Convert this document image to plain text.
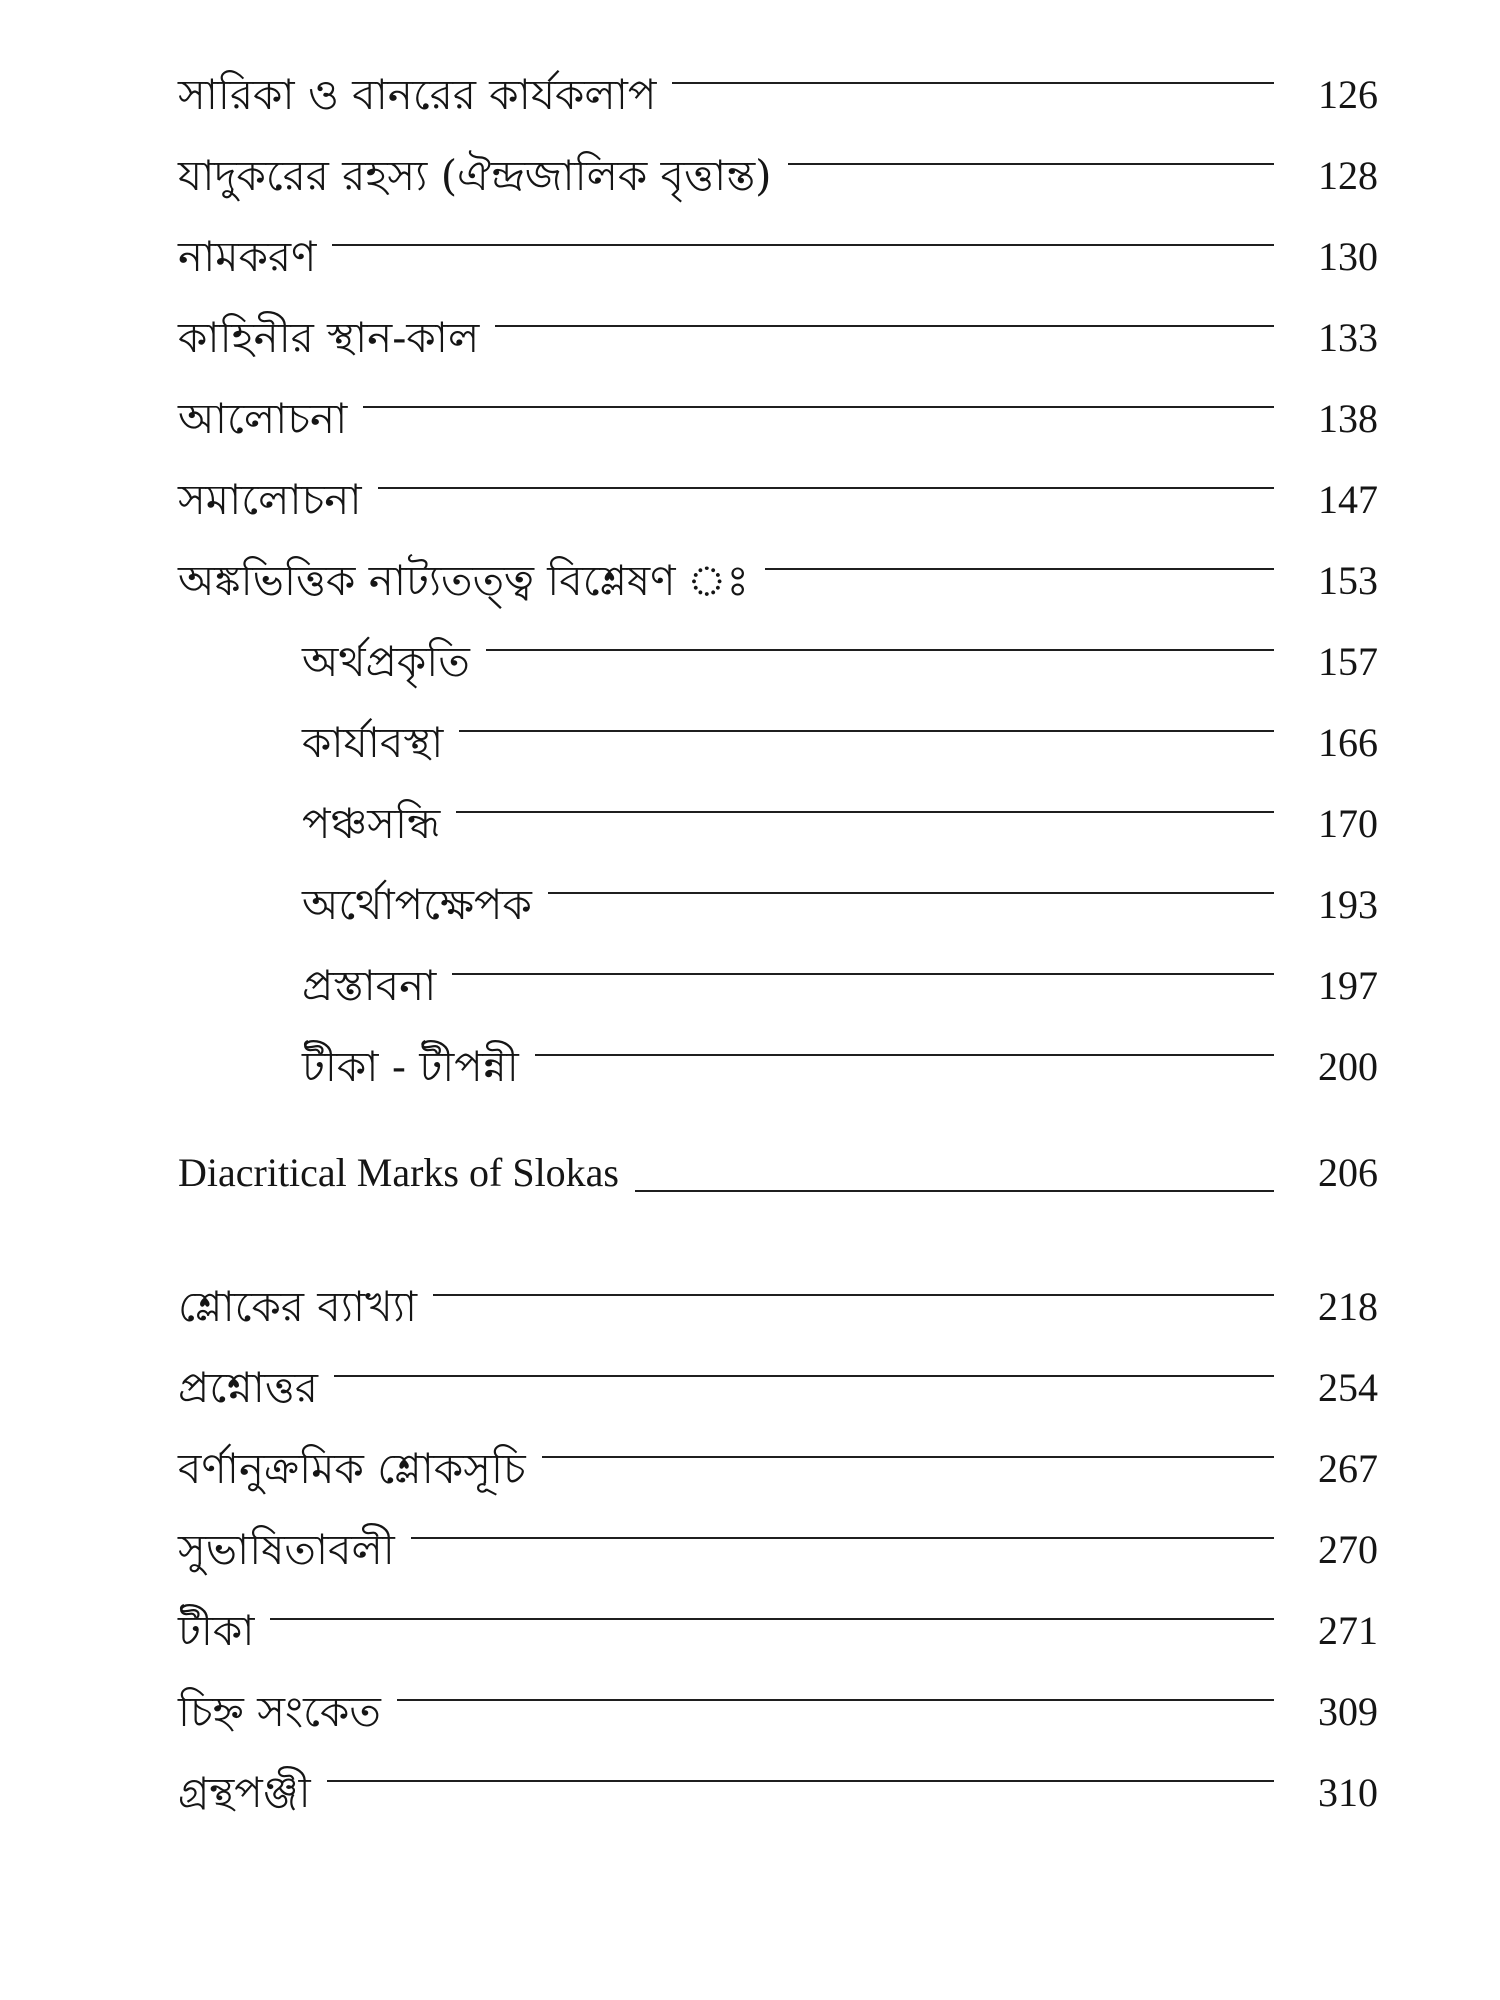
সারিকা ও বানরের কার্যকলাপ	126
যাদুকরের রহস্য (ঐন্দ্রজালিক বৃত্তান্ত)	128
নামকরণ	130
কাহিনীর স্থান-কাল	133
আলোচনা	138
সমালোচনা	147
অঙ্কভিত্তিক নাট্যতত্ত্ব বিশ্লেষণ ঃ	153
অর্থপ্রকৃতি	157
কার্যাবস্থা	166
পঞ্চসন্ধি	170
অর্থোপক্ষেপক	193
প্রস্তাবনা	197
টীকা - টীপন্নী	200
Diacritical Marks of Slokas	206
শ্লোকের ব্যাখ্যা	218
প্রশ্নোত্তর	254
বর্ণানুক্রমিক শ্লোকসূচি	267
সুভাষিতাবলী	270
টীকা	271
চিহ্ন সংকেত	309
গ্রন্থপঞ্জী	310
